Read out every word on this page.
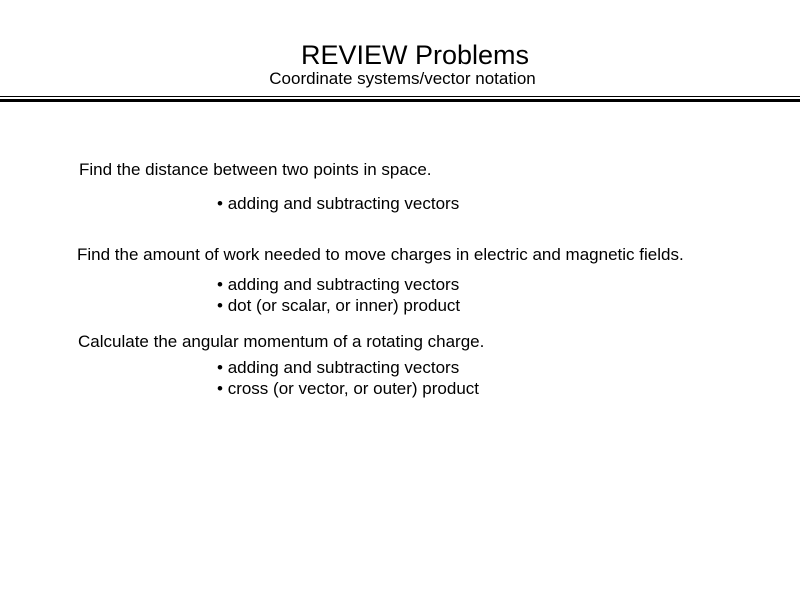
REVIEW Problems
Coordinate systems/vector notation

Find the distance between two points in space.

• adding and subtracting vectors

Find the amount of work needed to move charges in electric and magnetic fields.

• adding and subtracting vectors
• dot (or scalar, or inner) product

Calculate the angular momentum of a rotating charge.

• adding and subtracting vectors
• cross (or vector, or outer) product
